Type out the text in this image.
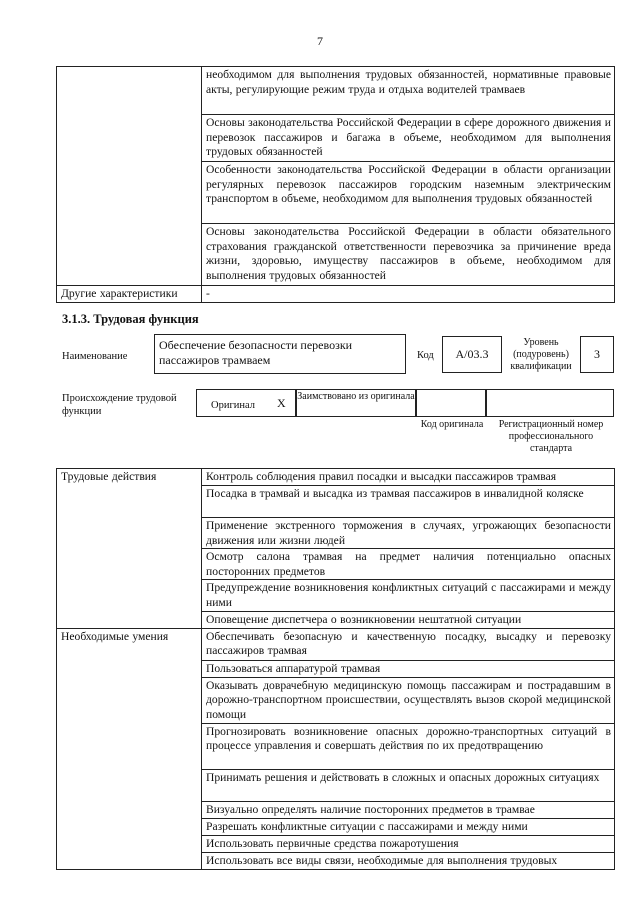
7
	необходимом для выполнения трудовых обязанностей, нормативные правовые акты, регулирующие режим труда и отдыха водителей трамваев
	Основы законодательства Российской Федерации в сфере дорожного движения и перевозок пассажиров и багажа в объеме, необходимом для выполнения трудовых обязанностей
	Особенности законодательства Российской Федерации в области организации регулярных перевозок пассажиров городским наземным электрическим транспортом в объеме, необходимом для выполнения трудовых обязанностей
	Основы законодательства Российской Федерации в области обязательного страхования гражданской ответственности перевозчика за причинение вреда жизни, здоровью, имуществу пассажиров в объеме, необходимом для выполнения трудовых обязанностей
Другие характеристики	-
3.1.3. Трудовая функция
Наименование
Обеспечение безопасности перевозки пассажиров трамваем	Код	A/03.3
Уровень (подуровень) квалификации
3
Происхождение трудовой функции
Оригинал X Заимствовано из оригинала
Код оригинала	Регистрационный номер профессионального стандарта
Трудовые действия	Контроль соблюдения правил посадки и высадки пассажиров трамвая
	Посадка в трамвай и высадка из трамвая пассажиров в инвалидной коляске
	Применение экстренного торможения в случаях, угрожающих безопасности движения или жизни людей
	Осмотр салона трамвая на предмет наличия потенциально опасных посторонних предметов
	Предупреждение возникновения конфликтных ситуаций с пассажирами и между ними
	Оповещение диспетчера о возникновении нештатной ситуации
Необходимые умения	Обеспечивать безопасную и качественную посадку, высадку и перевозку пассажиров трамвая
	Пользоваться аппаратурой трамвая
	Оказывать доврачебную медицинскую помощь пассажирам и пострадавшим в дорожно-транспортном происшествии, осуществлять вызов скорой медицинской помощи
	Прогнозировать возникновение опасных дорожно-транспортных ситуаций в процессе управления и совершать действия по их предотвращению
	Принимать решения и действовать в сложных и опасных дорожных ситуациях
	Визуально определять наличие посторонних предметов в трамвае
	Разрешать конфликтные ситуации с пассажирами и между ними
	Использовать первичные средства пожаротушения
	Использовать все виды связи, необходимые для выполнения трудовых
